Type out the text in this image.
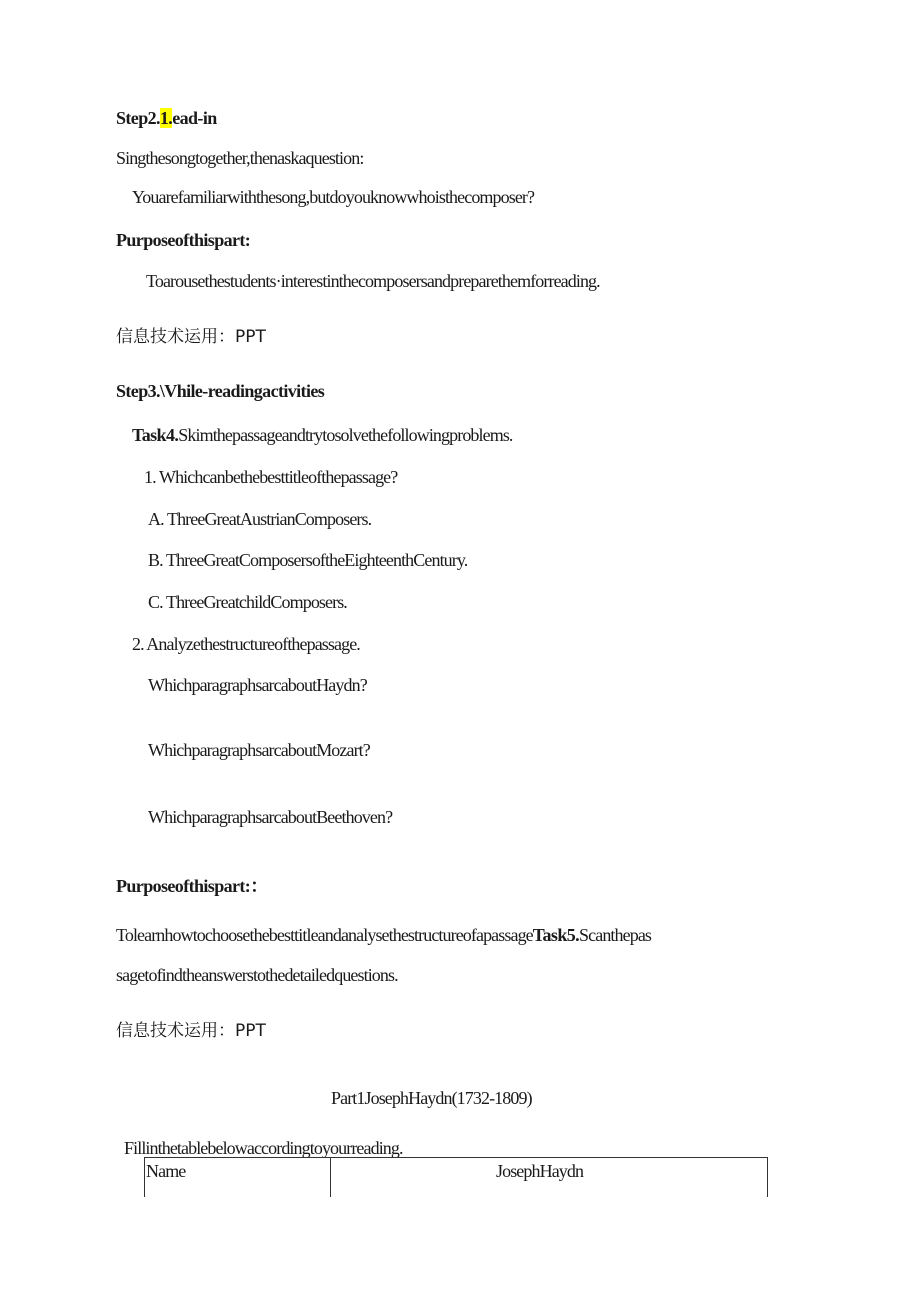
Step2.1.ead-in
Singthesongtogether,thenaskaquestion:
Youarefamiliarwiththesong,butdoyouknowwhoisthecomposer?
Purposeofthispart:
Toarousethestudents·interestinthecomposersandpreparethemforreading.
信息技术运用：PPT
Step3.\Vhile-readingactivities
Task4.Skimthepassageandtrytosolvethefollowingproblems.
1. Whichcanbethebesttitleofthepassage?
A. ThreeGreatAustrianComposers.
B. ThreeGreatComposersoftheEighteenthCentury.
C. ThreeGreatchildComposers.
2. Analyzethestructureofthepassage.
WhichparagraphsarcaboutHaydn?
WhichparagraphsarcaboutMozart?
WhichparagraphsarcaboutBeethoven?
Purposeofthispart:：
TolearnhowtochoosethebesttitleandanalysethestructureofapassageTask5.Scanthepas
sagetofindtheanswerstothedetailedquestions.
信息技术运用：PPT
Part1JosephHaydn(1732-1809)
Fillinthetablebelowaccordingtoyourreading.
Name	JosephHaydn
